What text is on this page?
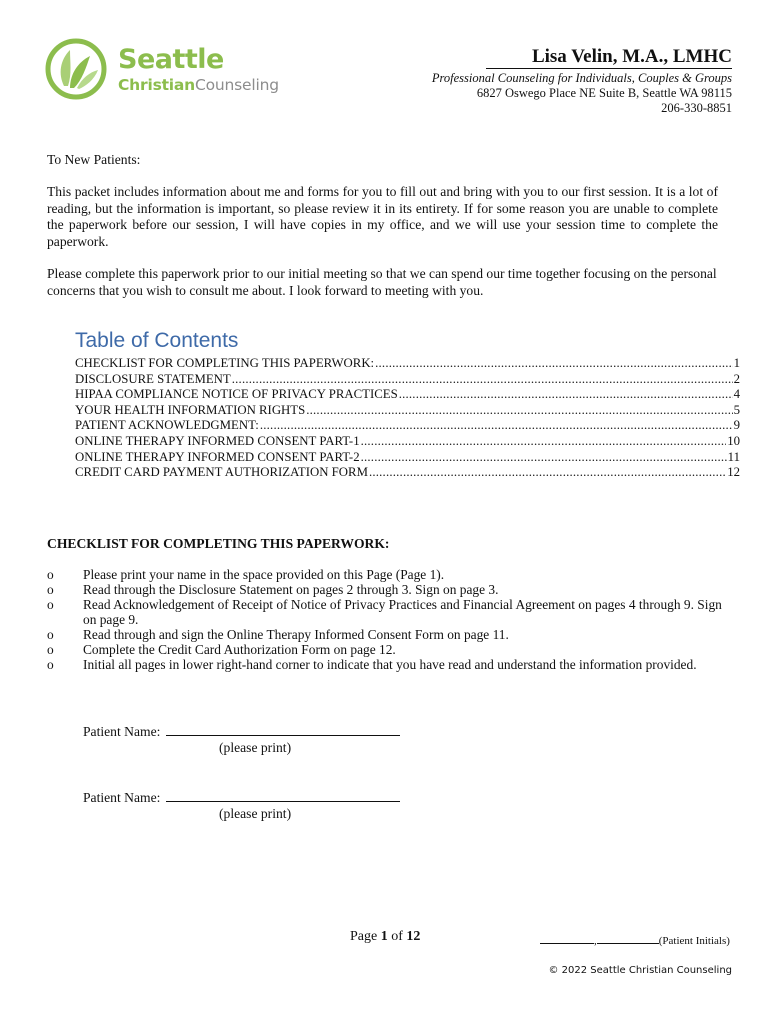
Seattle
ChristianCounseling
Lisa Velin, M.A., LMHC
Professional Counseling for Individuals, Couples & Groups
6827 Oswego Place NE Suite B, Seattle WA 98115
206-330-8851
To New Patients:
This packet includes information about me and forms for you to fill out and bring with you to our first session. It is a lot of reading, but the information is important, so please review it in its entirety. If for some reason you are unable to complete the paperwork before our session, I will have copies in my office, and we will use your session time to complete the paperwork.
Please complete this paperwork prior to our initial meeting so that we can spend our time together focusing on the personal concerns that you wish to consult me about. I look forward to meeting with you.
Table of Contents
CHECKLIST FOR COMPLETING THIS PAPERWORK: .....	1
DISCLOSURE STATEMENT .....	2
HIPAA COMPLIANCE NOTICE OF PRIVACY PRACTICES .....	4
YOUR HEALTH INFORMATION RIGHTS .....	5
PATIENT ACKNOWLEDGMENT: .....	9
ONLINE THERAPY INFORMED CONSENT PART-1 .....	10
ONLINE THERAPY INFORMED CONSENT PART-2 .....	11
CREDIT CARD PAYMENT AUTHORIZATION FORM .....	12
CHECKLIST FOR COMPLETING THIS PAPERWORK:
o Please print your name in the space provided on this Page (Page 1).
o Read through the Disclosure Statement on pages 2 through 3. Sign on page 3.
o Read Acknowledgement of Receipt of Notice of Privacy Practices and Financial Agreement on pages 4 through 9. Sign on page 9.
o Read through and sign the Online Therapy Informed Consent Form on page 11.
o Complete the Credit Card Authorization Form on page 12.
o Initial all pages in lower right-hand corner to indicate that you have read and understand the information provided.
Patient Name:
(please print)
Patient Name:
(please print)
Page 1 of 12	,	(Patient Initials)
© 2022 Seattle Christian Counseling
